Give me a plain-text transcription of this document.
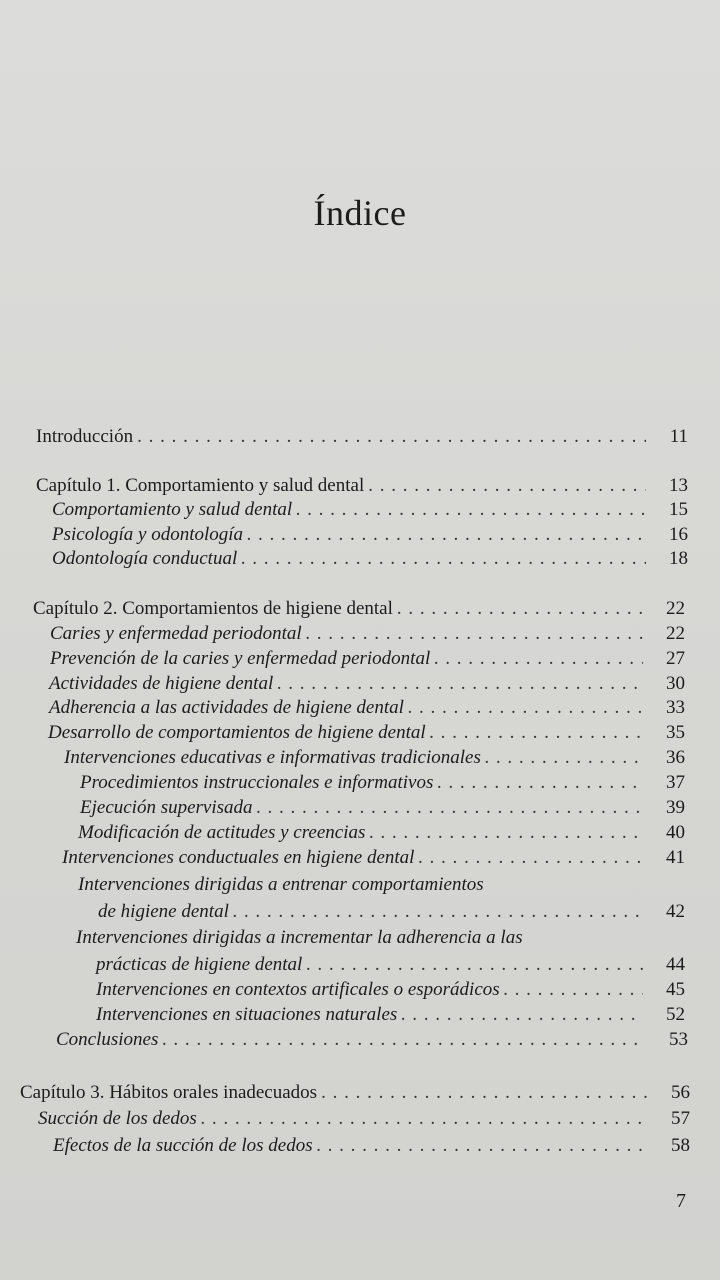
Índice
Introducción . . .	11
Capítulo 1. Comportamiento y salud dental . . .	13
Comportamiento y salud dental . . .	15
Psicología y odontología . . .	16
Odontología conductual . . .	18
Capítulo 2. Comportamientos de higiene dental . . .	22
Caries y enfermedad periodontal . . .	22
Prevención de la caries y enfermedad periodontal . . .	27
Actividades de higiene dental . . .	30
Adherencia a las actividades de higiene dental . . .	33
Desarrollo de comportamientos de higiene dental . . .	35
Intervenciones educativas e informativas tradicionales . . .	36
Procedimientos instruccionales e informativos . . .	37
Ejecución supervisada . . .	39
Modificación de actitudes y creencias . . .	40
Intervenciones conductuales en higiene dental . . .	41
Intervenciones dirigidas a entrenar comportamientos
de higiene dental . . .	42
Intervenciones dirigidas a incrementar la adherencia a las
prácticas de higiene dental . . .	44
Intervenciones en contextos artificales o esporádicos . . .	45
Intervenciones en situaciones naturales . . .	52
Conclusiones . . .	53
Capítulo 3. Hábitos orales inadecuados . . .	56
Succión de los dedos . . .	57
Efectos de la succión de los dedos . . .	58
7
